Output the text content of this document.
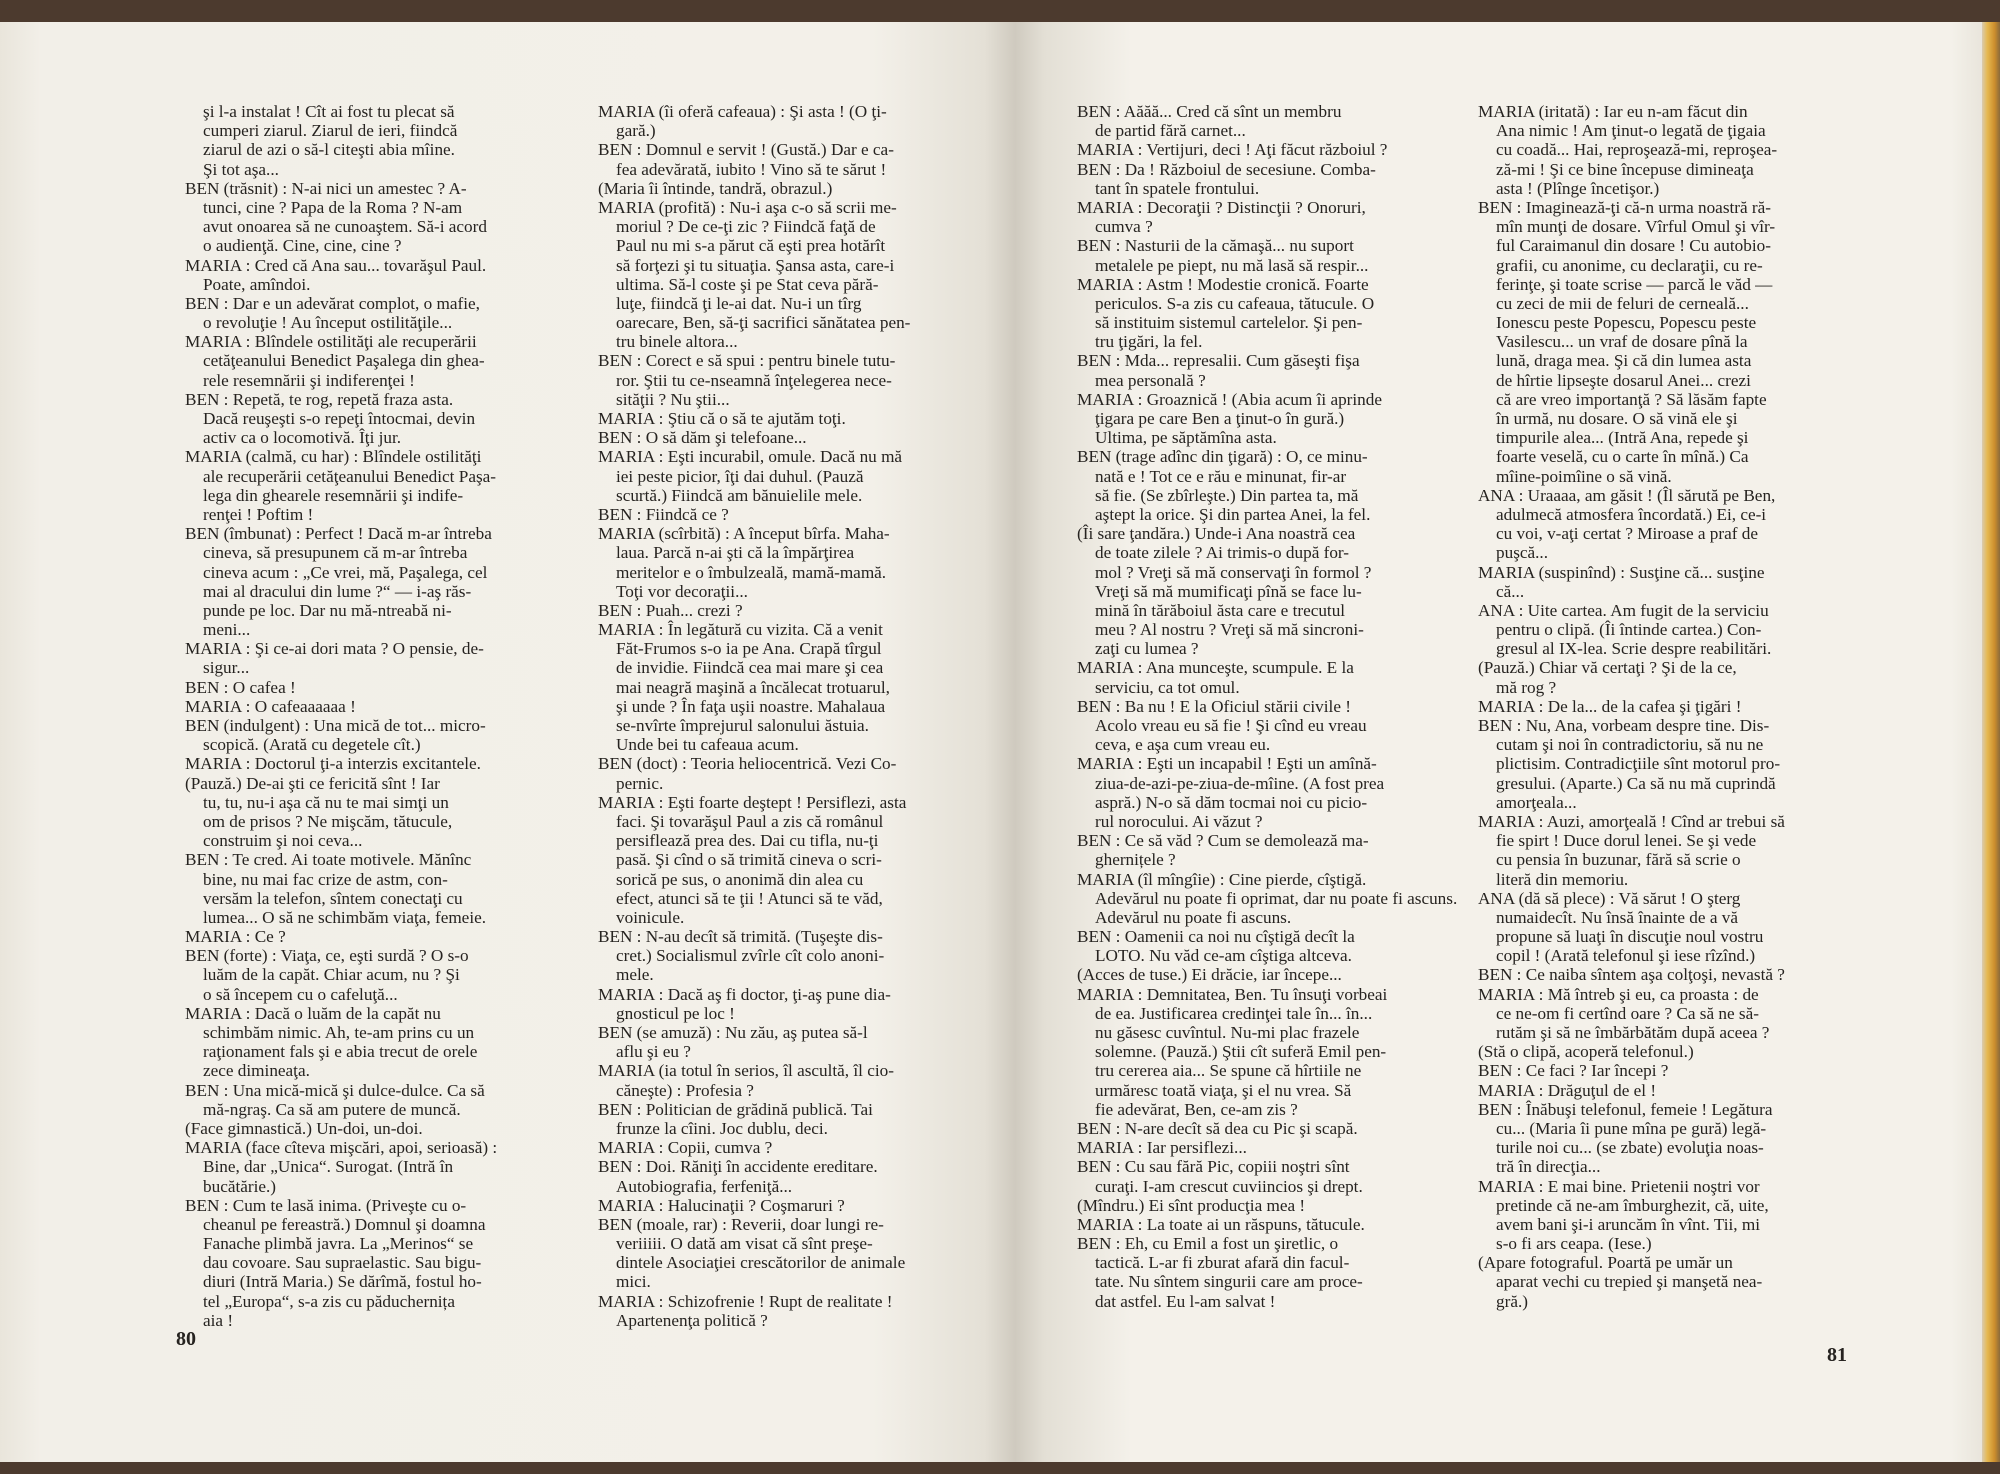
şi l-a instalat ! Cît ai fost tu plecat să
cumperi ziarul. Ziarul de ieri, fiindcă
ziarul de azi o să-l citeşti abia mîine.
Şi tot aşa...
BEN (trăsnit) : N-ai nici un amestec ? A-
tunci, cine ? Papa de la Roma ? N-am
avut onoarea să ne cunoaştem. Să-i acord
o audienţă. Cine, cine, cine ?
MARIA : Cred că Ana sau... tovarăşul Paul.
Poate, amîndoi.
BEN : Dar e un adevărat complot, o mafie,
o revoluţie ! Au început ostilităţile...
MARIA : Blîndele ostilităţi ale recuperării
cetăţeanului Benedict Paşalega din ghea-
rele resemnării şi indiferenţei !
BEN : Repetă, te rog, repetă fraza asta.
Dacă reuşeşti s-o repeţi întocmai, devin
activ ca o locomotivă. Îţi jur.
MARIA (calmă, cu har) : Blîndele ostilităţi
ale recuperării cetăţeanului Benedict Paşa-
lega din ghearele resemnării şi indife-
renţei ! Poftim !
BEN (îmbunat) : Perfect ! Dacă m-ar întreba
cineva, să presupunem că m-ar întreba
cineva acum : „Ce vrei, mă, Paşalega, cel
mai al dracului din lume ?“ — i-aş răs-
punde pe loc. Dar nu mă-ntreabă ni-
meni...
MARIA : Şi ce-ai dori mata ? O pensie, de-
sigur...
BEN : O cafea !
MARIA : O cafeaaaaaa !
BEN (indulgent) : Una mică de tot... micro-
scopică. (Arată cu degetele cît.)
MARIA : Doctorul ţi-a interzis excitantele.
(Pauză.) De-ai şti ce fericită sînt ! Iar
tu, tu, nu-i aşa că nu te mai simţi un
om de prisos ? Ne mişcăm, tătucule,
construim şi noi ceva...
BEN : Te cred. Ai toate motivele. Mănînc
bine, nu mai fac crize de astm, con-
versăm la telefon, sîntem conectaţi cu
lumea... O să ne schimbăm viaţa, femeie.
MARIA : Ce ?
BEN (forte) : Viaţa, ce, eşti surdă ? O s-o
luăm de la capăt. Chiar acum, nu ? Şi
o să începem cu o cafeluţă...
MARIA : Dacă o luăm de la capăt nu
schimbăm nimic. Ah, te-am prins cu un
raţionament fals şi e abia trecut de orele
zece dimineaţa.
BEN : Una mică-mică şi dulce-dulce. Ca să
mă-ngraş. Ca să am putere de muncă.
(Face gimnastică.) Un-doi, un-doi.
MARIA (face cîteva mişcări, apoi, serioasă) :
Bine, dar „Unica“. Surogat. (Intră în
bucătărie.)
BEN : Cum te lasă inima. (Priveşte cu o-
cheanul pe fereastră.) Domnul şi doamna
Fanache plimbă javra. La „Merinos“ se
dau covoare. Sau supraelastic. Sau bigu-
diuri (Intră Maria.) Se dărîmă, fostul ho-
tel „Europa“, s-a zis cu păduchernița
aia !
MARIA (îi oferă cafeaua) : Şi asta ! (O ţi-
gară.)
BEN : Domnul e servit ! (Gustă.) Dar e ca-
fea adevărată, iubito ! Vino să te sărut !
(Maria îi întinde, tandră, obrazul.)
MARIA (profită) : Nu-i aşa c-o să scrii me-
moriul ? De ce-ţi zic ? Fiindcă faţă de
Paul nu mi s-a părut că eşti prea hotărît
să forţezi şi tu situaţia. Şansa asta, care-i
ultima. Să-l coste şi pe Stat ceva pără-
luţe, fiindcă ţi le-ai dat. Nu-i un tîrg
oarecare, Ben, să-ţi sacrifici sănătatea pen-
tru binele altora...
BEN : Corect e să spui : pentru binele tutu-
ror. Ştii tu ce-nseamnă înţelegerea nece-
sităţii ? Nu ştii...
MARIA : Ştiu că o să te ajutăm toţi.
BEN : O să dăm şi telefoane...
MARIA : Eşti incurabil, omule. Dacă nu mă
iei peste picior, îţi dai duhul. (Pauză
scurtă.) Fiindcă am bănuielile mele.
BEN : Fiindcă ce ?
MARIA (scîrbită) : A început bîrfa. Maha-
laua. Parcă n-ai şti că la împărţirea
meritelor e o îmbulzeală, mamă-mamă.
Toţi vor decoraţii...
BEN : Puah... crezi ?
MARIA : În legătură cu vizita. Că a venit
Făt-Frumos s-o ia pe Ana. Crapă tîrgul
de invidie. Fiindcă cea mai mare şi cea
mai neagră maşină a încălecat trotuarul,
şi unde ? În faţa uşii noastre. Mahalaua
se-nvîrte împrejurul salonului ăstuia.
Unde bei tu cafeaua acum.
BEN (doct) : Teoria heliocentrică. Vezi Co-
pernic.
MARIA : Eşti foarte deştept ! Persiflezi, asta
faci. Şi tovarăşul Paul a zis că românul
persiflează prea des. Dai cu tifla, nu-ţi
pasă. Şi cînd o să trimită cineva o scri-
sorică pe sus, o anonimă din alea cu
efect, atunci să te ţii ! Atunci să te văd,
voinicule.
BEN : N-au decît să trimită. (Tuşeşte dis-
cret.) Socialismul zvîrle cît colo anoni-
mele.
MARIA : Dacă aş fi doctor, ţi-aş pune dia-
gnosticul pe loc !
BEN (se amuză) : Nu zău, aş putea să-l
aflu şi eu ?
MARIA (ia totul în serios, îl ascultă, îl cio-
căneşte) : Profesia ?
BEN : Politician de grădină publică. Tai
frunze la cîini. Joc dublu, deci.
MARIA : Copii, cumva ?
BEN : Doi. Răniţi în accidente ereditare.
Autobiografia, ferfeniţă...
MARIA : Halucinaţii ? Coşmaruri ?
BEN (moale, rar) : Reverii, doar lungi re-
veriiiii. O dată am visat că sînt preşe-
dintele Asociaţiei crescătorilor de animale
mici.
MARIA : Schizofrenie ! Rupt de realitate !
Apartenenţa politică ?
80
BEN : Aăăă... Cred că sînt un membru
de partid fără carnet...
MARIA : Vertijuri, deci ! Aţi făcut războiul ?
BEN : Da ! Războiul de secesiune. Comba-
tant în spatele frontului.
MARIA : Decoraţii ? Distincţii ? Onoruri,
cumva ?
BEN : Nasturii de la cămaşă... nu suport
metalele pe piept, nu mă lasă să respir...
MARIA : Astm ! Modestie cronică. Foarte
periculos. S-a zis cu cafeaua, tătucule. O
să instituim sistemul cartelelor. Şi pen-
tru ţigări, la fel.
BEN : Mda... represalii. Cum găseşti fişa
mea personală ?
MARIA : Groaznică ! (Abia acum îi aprinde
ţigara pe care Ben a ţinut-o în gură.)
Ultima, pe săptămîna asta.
BEN (trage adînc din ţigară) : O, ce minu-
nată e ! Tot ce e rău e minunat, fir-ar
să fie. (Se zbîrleşte.) Din partea ta, mă
aştept la orice. Şi din partea Anei, la fel.
(Îi sare ţandăra.) Unde-i Ana noastră cea
de toate zilele ? Ai trimis-o după for-
mol ? Vreţi să mă conservaţi în formol ?
Vreţi să mă mumificaţi pînă se face lu-
mină în tărăboiul ăsta care e trecutul
meu ? Al nostru ? Vreţi să mă sincroni-
zaţi cu lumea ?
MARIA : Ana munceşte, scumpule. E la
serviciu, ca tot omul.
BEN : Ba nu ! E la Oficiul stării civile !
Acolo vreau eu să fie ! Şi cînd eu vreau
ceva, e aşa cum vreau eu.
MARIA : Eşti un incapabil ! Eşti un amînă-
ziua-de-azi-pe-ziua-de-mîine. (A fost prea
aspră.) N-o să dăm tocmai noi cu picio-
rul norocului. Ai văzut ?
BEN : Ce să văd ? Cum se demolează ma-
ghernițele ?
MARIA (îl mîngîie) : Cine pierde, cîştigă.
Adevărul nu poate fi oprimat, dar nu poate fi ascuns.
Adevărul nu poate fi ascuns.
BEN : Oamenii ca noi nu cîştigă decît la
LOTO. Nu văd ce-am cîştiga altceva.
(Acces de tuse.) Ei drăcie, iar începe...
MARIA : Demnitatea, Ben. Tu însuţi vorbeai
de ea. Justificarea credinţei tale în... în...
nu găsesc cuvîntul. Nu-mi plac frazele
solemne. (Pauză.) Ştii cît suferă Emil pen-
tru cererea aia... Se spune că hîrtiile ne
urmăresc toată viaţa, şi el nu vrea. Să
fie adevărat, Ben, ce-am zis ?
BEN : N-are decît să dea cu Pic şi scapă.
MARIA : Iar persiflezi...
BEN : Cu sau fără Pic, copiii noştri sînt
curaţi. I-am crescut cuviincios şi drept.
(Mîndru.) Ei sînt producţia mea !
MARIA : La toate ai un răspuns, tătucule.
BEN : Eh, cu Emil a fost un şiretlic, o
tactică. L-ar fi zburat afară din facul-
tate. Nu sîntem singurii care am proce-
dat astfel. Eu l-am salvat !
MARIA (iritată) : Iar eu n-am făcut din
Ana nimic ! Am ţinut-o legată de ţigaia
cu coadă... Hai, reproşează-mi, reproşea-
ză-mi ! Şi ce bine începuse dimineaţa
asta ! (Plînge încetişor.)
BEN : Imaginează-ţi că-n urma noastră ră-
mîn munţi de dosare. Vîrful Omul şi vîr-
ful Caraimanul din dosare ! Cu autobio-
grafii, cu anonime, cu declaraţii, cu re-
ferinţe, şi toate scrise — parcă le văd —
cu zeci de mii de feluri de cerneală...
Ionescu peste Popescu, Popescu peste
Vasilescu... un vraf de dosare pînă la
lună, draga mea. Şi că din lumea asta
de hîrtie lipseşte dosarul Anei... crezi
că are vreo importanţă ? Să lăsăm fapte
în urmă, nu dosare. O să vină ele şi
timpurile alea... (Intră Ana, repede şi
foarte veselă, cu o carte în mînă.) Ca
mîine-poimîine o să vină.
ANA : Uraaaa, am găsit ! (Îl sărută pe Ben,
adulmecă atmosfera încordată.) Ei, ce-i
cu voi, v-aţi certat ? Miroase a praf de
puşcă...
MARIA (suspinînd) : Susţine că... susţine
că...
ANA : Uite cartea. Am fugit de la serviciu
pentru o clipă. (Îi întinde cartea.) Con-
gresul al IX-lea. Scrie despre reabilitări.
(Pauză.) Chiar vă certaţi ? Şi de la ce,
mă rog ?
MARIA : De la... de la cafea şi ţigări !
BEN : Nu, Ana, vorbeam despre tine. Dis-
cutam şi noi în contradictoriu, să nu ne
plictisim. Contradicţiile sînt motorul pro-
gresului. (Aparte.) Ca să nu mă cuprindă
amorţeala...
MARIA : Auzi, amorţeală ! Cînd ar trebui să
fie spirt ! Duce dorul lenei. Se şi vede
cu pensia în buzunar, fără să scrie o
literă din memoriu.
ANA (dă să plece) : Vă sărut ! O şterg
numaidecît. Nu însă înainte de a vă
propune să luaţi în discuţie noul vostru
copil ! (Arată telefonul şi iese rîzînd.)
BEN : Ce naiba sîntem aşa colţoşi, nevastă ?
MARIA : Mă întreb şi eu, ca proasta : de
ce ne-om fi certînd oare ? Ca să ne să-
rutăm şi să ne îmbărbătăm după aceea ?
(Stă o clipă, acoperă telefonul.)
BEN : Ce faci ? Iar începi ?
MARIA : Drăguţul de el !
BEN : Înăbuşi telefonul, femeie ! Legătura
cu... (Maria îi pune mîna pe gură) legă-
turile noi cu... (se zbate) evoluţia noas-
tră în direcţia...
MARIA : E mai bine. Prietenii noştri vor
pretinde că ne-am îmburghezit, că, uite,
avem bani şi-i aruncăm în vînt. Tii, mi
s-o fi ars ceapa. (Iese.)
(Apare fotograful. Poartă pe umăr un
aparat vechi cu trepied şi manşetă nea-
gră.)
81
